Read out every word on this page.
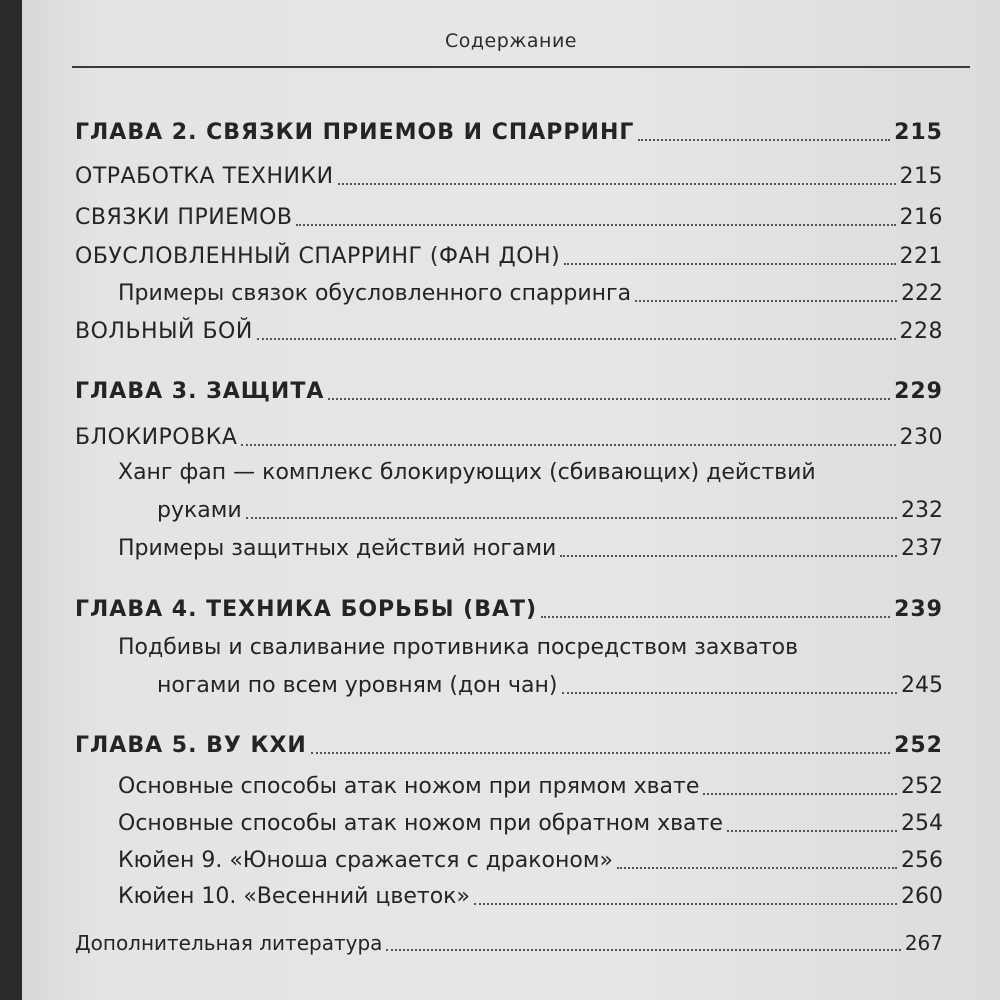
Содержание
ГЛАВА 2. СВЯЗКИ ПРИЕМОВ И СПАРРИНГ	215
ОТРАБОТКА ТЕХНИКИ	215
СВЯЗКИ ПРИЕМОВ	216
ОБУСЛОВЛЕННЫЙ СПАРРИНГ (ФАН ДОН)	221
Примеры связок обусловленного спарринга	222
ВОЛЬНЫЙ БОЙ	228
ГЛАВА 3. ЗАЩИТА	229
БЛОКИРОВКА	230
Ханг фап — комплекс блокирующих (сбивающих) действий
руками	232
Примеры защитных действий ногами	237
ГЛАВА 4. ТЕХНИКА БОРЬБЫ (ВАТ)	239
Подбивы и сваливание противника посредством захватов
ногами по всем уровням (дон чан)	245
ГЛАВА 5. ВУ КХИ	252
Основные способы атак ножом при прямом хвате	252
Основные способы атак ножом при обратном хвате	254
Кюйен 9. «Юноша сражается с драконом»	256
Кюйен 10. «Весенний цветок»	260
Дополнительная литература	267
